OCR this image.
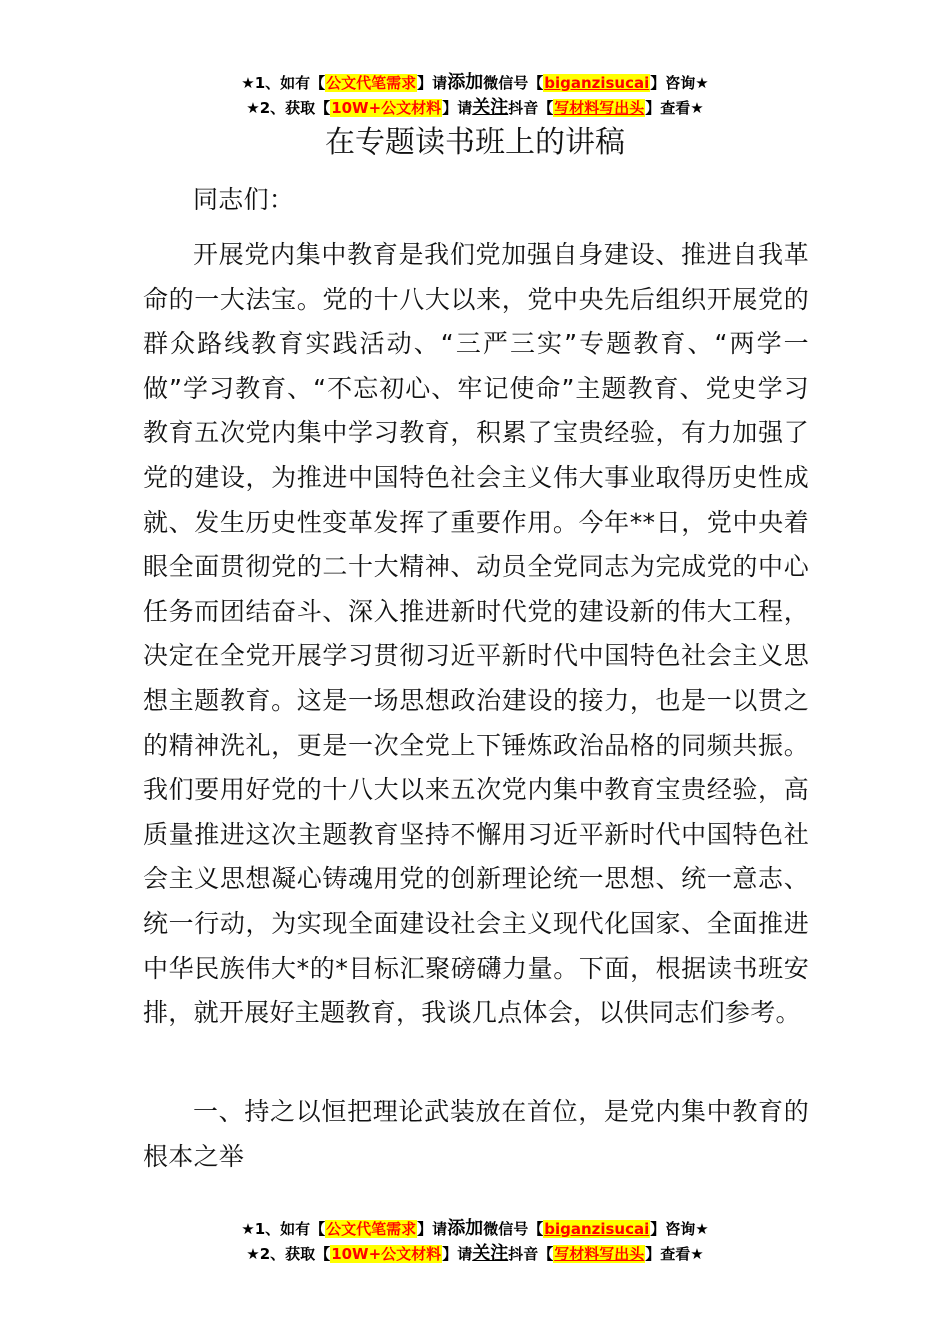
★1、如有【公文代笔需求】请添加微信号【biganzisucai】咨询★
★2、获取【10W+公文材料】请关注抖音【写材料写出头】查看★
在专题读书班上的讲稿

同志们：

开展党内集中教育是我们党加强自身建设、推进自我革命的一大法宝。党的十八大以来，党中央先后组织开展党的群众路线教育实践活动、“三严三实”专题教育、“两学一做”学习教育、“不忘初心、牢记使命”主题教育、党史学习教育五次党内集中学习教育，积累了宝贵经验，有力加强了党的建设，为推进中国特色社会主义伟大事业取得历史性成就、发生历史性变革发挥了重要作用。今年**日，党中央着眼全面贯彻党的二十大精神、动员全党同志为完成党的中心任务而团结奋斗、深入推进新时代党的建设新的伟大工程，决定在全党开展学习贯彻习近平新时代中国特色社会主义思想主题教育。这是一场思想政治建设的接力，也是一以贯之的精神洗礼，更是一次全党上下锤炼政治品格的同频共振。我们要用好党的十八大以来五次党内集中教育宝贵经验，高质量推进这次主题教育坚持不懈用习近平新时代中国特色社会主义思想凝心铸魂用党的创新理论统一思想、统一意志、统一行动，为实现全面建设社会主义现代化国家、全面推进中华民族伟大*的*目标汇聚磅礴力量。下面，根据读书班安排，就开展好主题教育，我谈几点体会，以供同志们参考。

一、持之以恒把理论武装放在首位，是党内集中教育的根本之举

★1、如有【公文代笔需求】请添加微信号【biganzisucai】咨询★
★2、获取【10W+公文材料】请关注抖音【写材料写出头】查看★
